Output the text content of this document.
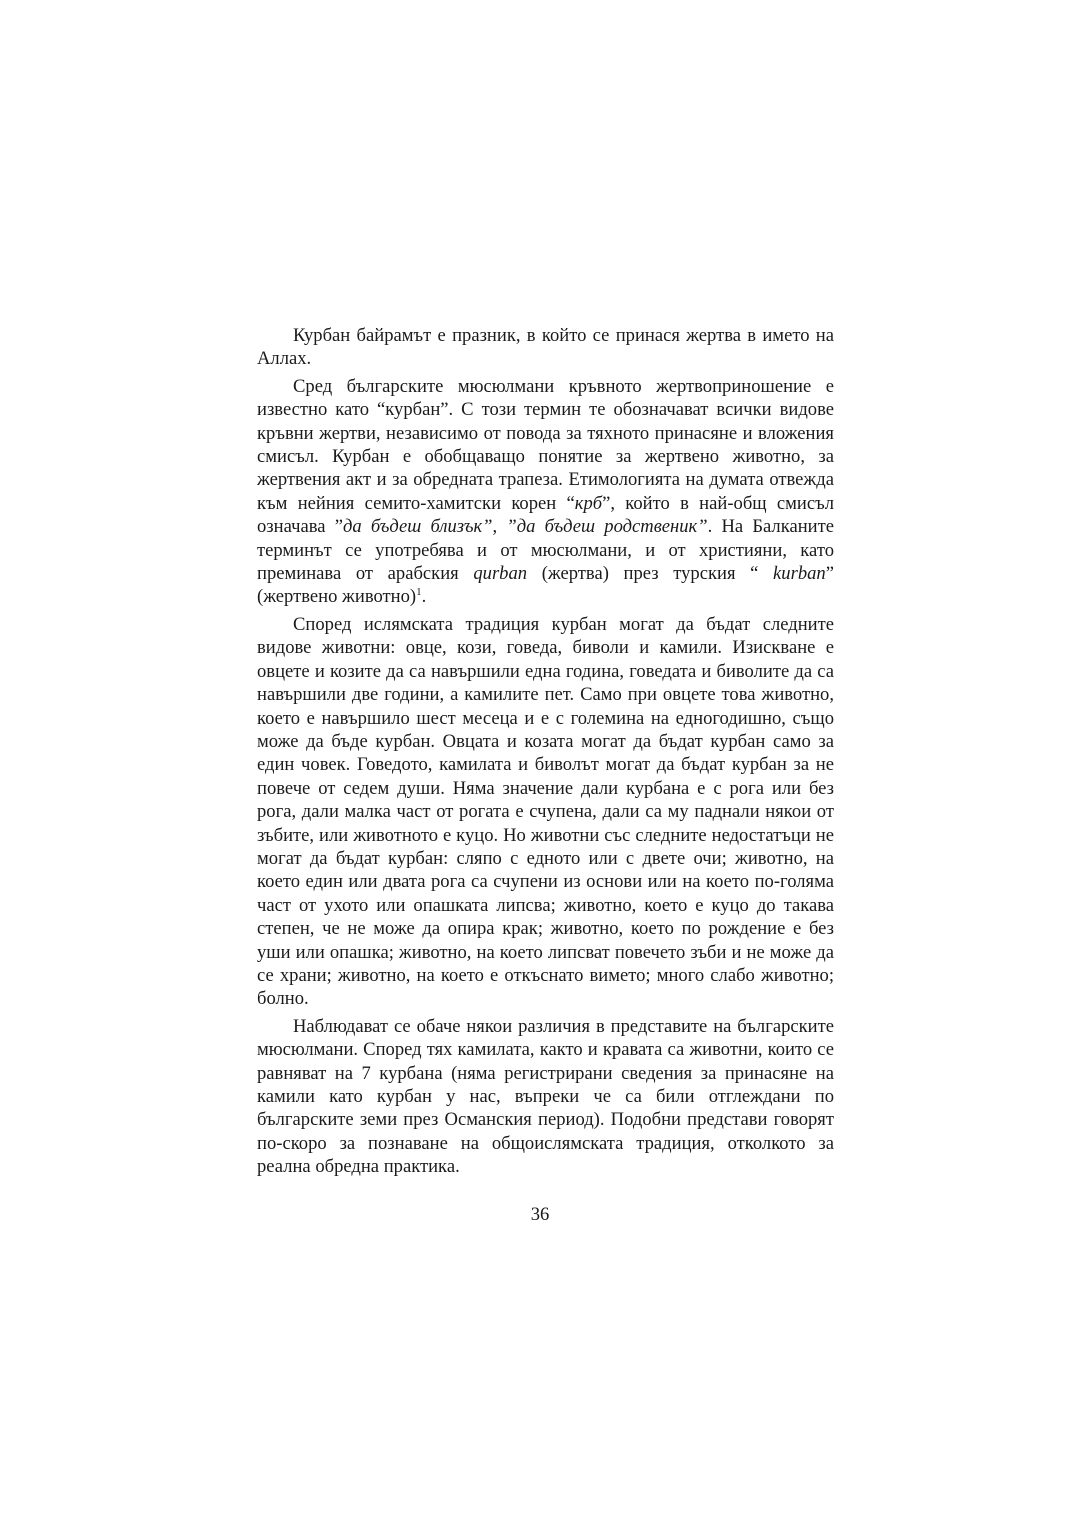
Курбан байрамът е празник, в който се принася жертва в името на Аллах.

Сред българските мюсюлмани кръвното жертвоприношение е известно като “курбан”. С този термин те обозначават всички видове кръвни жертви, независимо от повода за тяхното принасяне и вложения смисъл. Курбан е обобщаващо понятие за жертвено животно, за жертвения акт и за обредната трапеза. Етимологията на думата отвежда към нейния семито-хамитски корен “крб”, който в най-общ смисъл означава ”да бъдеш близък”, ”да бъдеш родственик”. На Балканите терминът се употребява и от мюсюлмани, и от християни, като преминава от арабския qurban (жертва) през турския “ kurban” (жертвено животно)$^1$.

Според ислямската традиция курбан могат да бъдат следните видове животни: овце, кози, говеда, биволи и камили. Изискване е овцете и козите да са навършили една година, говедата и биволите да са навършили две години, а камилите пет. Само при овцете това животно, което е навършило шест месеца и е с големина на едногодишно, също може да бъде курбан. Овцата и козата могат да бъдат курбан само за един човек. Говедото, камилата и биволът могат да бъдат курбан за не повече от седем души. Няма значение дали курбана е с рога или без рога, дали малка част от рогата е счупена, дали са му паднали някои от зъбите, или животното е куцо. Но животни със следните недостатъци не могат да бъдат курбан: сляпо с едното или с двете очи; животно, на което един или двата рога са счупени из основи или на което по-голяма част от ухото или опашката липсва; животно, което е куцо до такава степен, че не може да опира крак; животно, което по рождение е без уши или опашка; животно, на което липсват повечето зъби и не може да се храни; животно, на което е откъснато вимето; много слабо животно; болно.

Наблюдават се обаче някои различия в представите на българските мюсюлмани. Според тях камилата, както и кравата са животни, които се равняват на 7 курбана (няма регистрирани сведения за принасяне на камили като курбан у нас, въпреки че са били отглеждани по българските земи през Османския период). Подобни представи говорят по-скоро за познаване на общоислямската традиция, отколкото за реална обредна практика.

36
